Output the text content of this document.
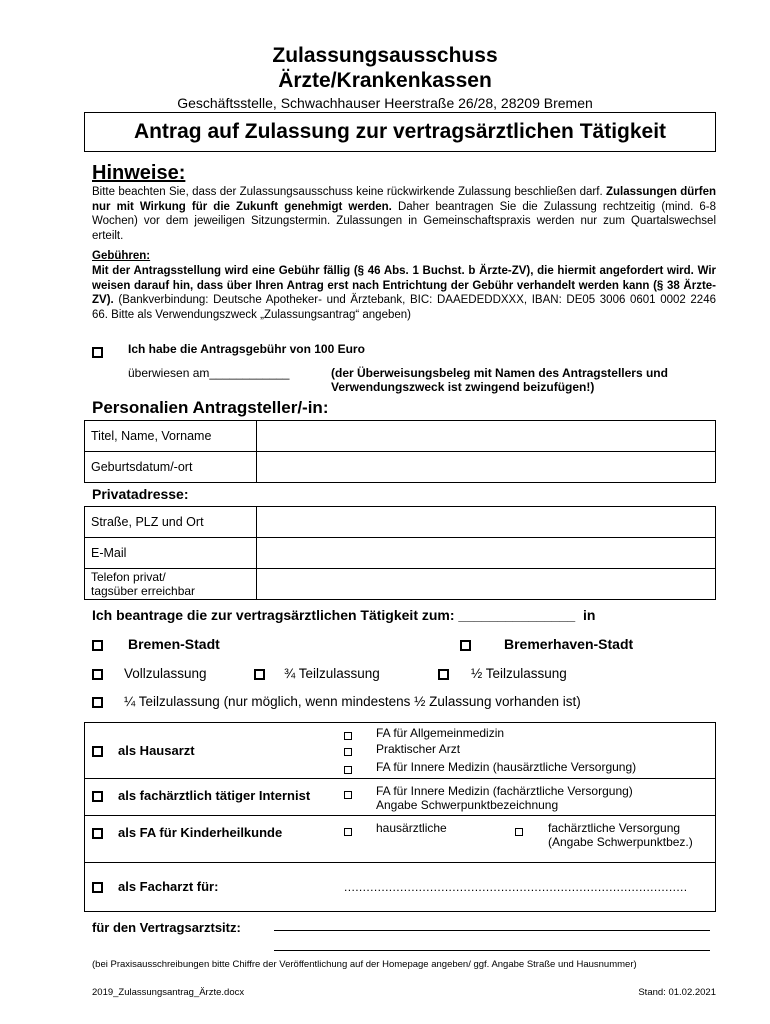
Zulassungsausschuss
Ärzte/Krankenkassen
Geschäftsstelle, Schwachhauser Heerstraße 26/28, 28209 Bremen
Antrag auf Zulassung zur vertragsärztlichen Tätigkeit
Hinweise:
Bitte beachten Sie, dass der Zulassungsausschuss keine rückwirkende Zulassung beschließen darf. Zulassungen dürfen nur mit Wirkung für die Zukunft genehmigt werden. Daher beantragen Sie die Zulassung rechtzeitig (mind. 6-8 Wochen) vor dem jeweiligen Sitzungstermin. Zulassungen in Gemeinschaftspraxis werden nur zum Quartalswechsel erteilt.
Gebühren:
Mit der Antragsstellung wird eine Gebühr fällig (§ 46 Abs. 1 Buchst. b Ärzte-ZV), die hiermit angefordert wird. Wir weisen darauf hin, dass über Ihren Antrag erst nach Entrichtung der Gebühr verhandelt werden kann (§ 38 Ärzte-ZV). (Bankverbindung: Deutsche Apotheker- und Ärztebank, BIC: DAAEDEDDXXX, IBAN: DE05 3006 0601 0002 2246 66. Bitte als Verwendungszweck „Zulassungsantrag“ angeben)
Ich habe die Antragsgebühr von 100 Euro
überwiesen am____________	(der Überweisungsbeleg mit Namen des Antragstellers und Verwendungszweck ist zwingend beizufügen!)
Personalien Antragsteller/-in:
Titel, Name, Vorname	
Geburtsdatum/-ort	
Privatadresse:
Straße, PLZ und Ort	
E-Mail	
Telefon privat/
tagsüber erreichbar	
Ich beantrage die zur vertragsärztlichen Tätigkeit zum: _______________  in
Bremen-Stadt	Bremerhaven-Stadt
Vollzulassung	¾ Teilzulassung	½ Teilzulassung
¼ Teilzulassung (nur möglich, wenn mindestens ½ Zulassung vorhanden ist)
als Hausarzt
FA für Allgemeinmedizin
Praktischer Arzt
FA für Innere Medizin (hausärztliche Versorgung)
als fachärztlich tätiger Internist	FA für Innere Medizin (fachärztliche Versorgung)
Angabe Schwerpunktbezeichnung
als FA für Kinderheilkunde	hausärztliche	fachärztliche Versorgung
(Angabe Schwerpunktbez.)
als Facharzt für:	............................................................................................
für den Vertragsarztsitz:
(bei Praxisausschreibungen bitte Chiffre der Veröffentlichung auf der Homepage angeben/ ggf. Angabe Straße und Hausnummer)
2019_Zulassungsantrag_Ärzte.docx	Stand: 01.02.2021
